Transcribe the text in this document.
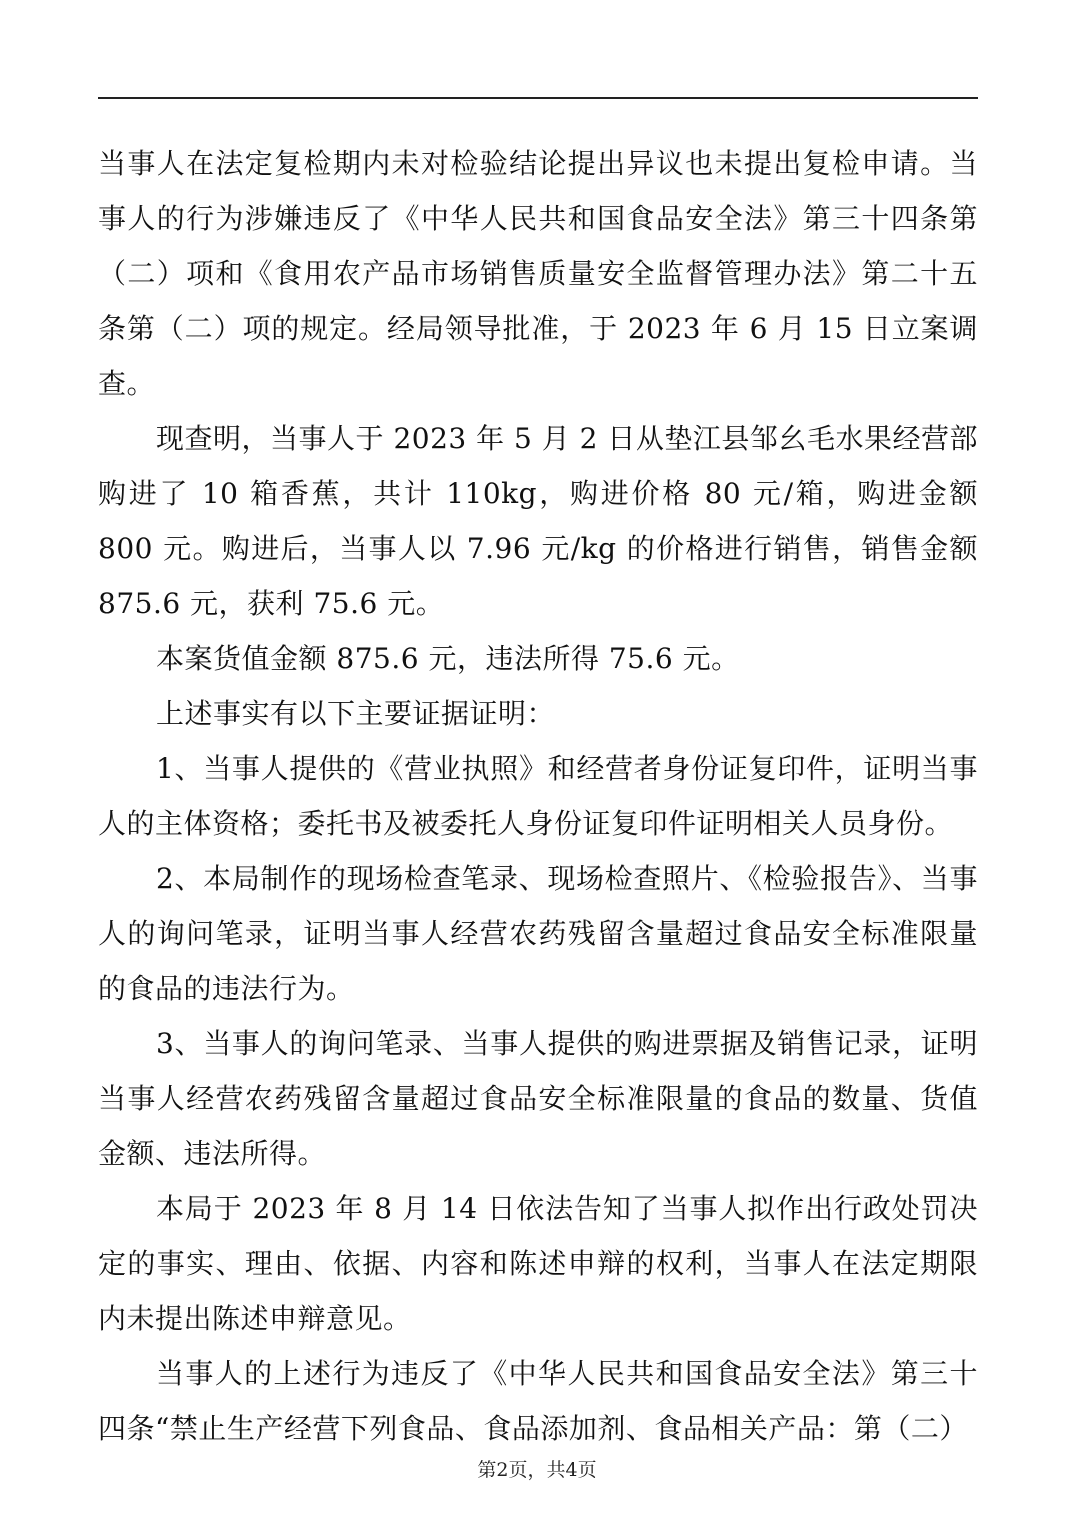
当事人在法定复检期内未对检验结论提出异议也未提出复检申请。当事人的行为涉嫌违反了《中华人民共和国食品安全法》第三十四条第（二）项和《食用农产品市场销售质量安全监督管理办法》第二十五条第（二）项的规定。经局领导批准，于 2023 年 6 月 15 日立案调查。

现查明，当事人于 2023 年 5 月 2 日从垫江县邹幺毛水果经营部购进了 10 箱香蕉，共计 110kg，购进价格 80 元/箱，购进金额 800 元。购进后，当事人以 7.96 元/kg 的价格进行销售，销售金额 875.6 元，获利 75.6 元。

本案货值金额 875.6 元，违法所得 75.6 元。

上述事实有以下主要证据证明：

1、当事人提供的《营业执照》和经营者身份证复印件，证明当事人的主体资格；委托书及被委托人身份证复印件证明相关人员身份。

2、本局制作的现场检查笔录、现场检查照片、《检验报告》、当事人的询问笔录，证明当事人经营农药残留含量超过食品安全标准限量的食品的违法行为。

3、当事人的询问笔录、当事人提供的购进票据及销售记录，证明当事人经营农药残留含量超过食品安全标准限量的食品的数量、货值金额、违法所得。

本局于 2023 年 8 月 14 日依法告知了当事人拟作出行政处罚决定的事实、理由、依据、内容和陈述申辩的权利，当事人在法定期限内未提出陈述申辩意见。

当事人的上述行为违反了《中华人民共和国食品安全法》第三十四条“禁止生产经营下列食品、食品添加剂、食品相关产品：第（二）

第2页，共4页
